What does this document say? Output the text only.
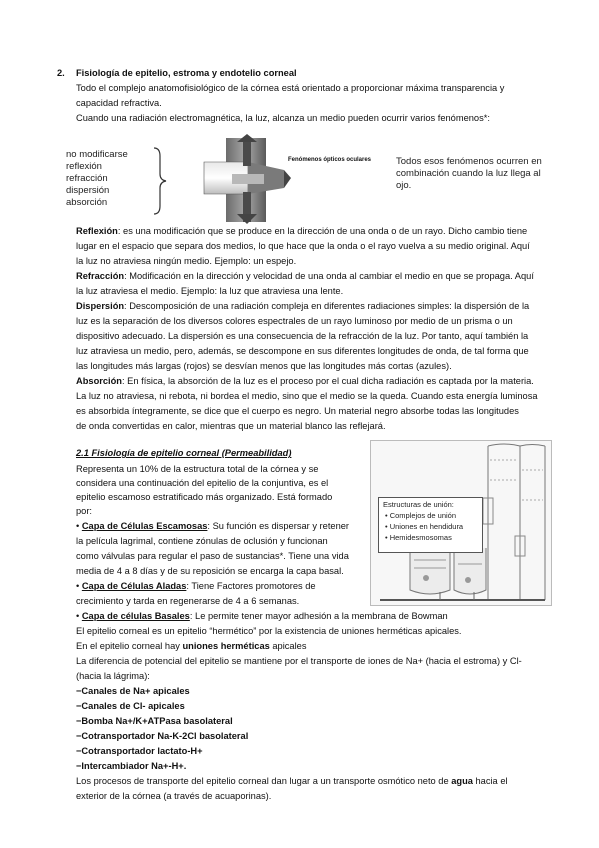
2. Fisiología de epitelio, estroma y endotelio corneal
Todo el complejo anatomofisiológico de la córnea está orientado a proporcionar máxima transparencia y
capacidad refractiva.
Cuando una radiación electromagnética, la luz, alcanza un medio pueden ocurrir varios fenómenos*:
no modificarse
reflexión
refracción
dispersión
absorción
Fenómenos ópticos oculares	Todos esos fenómenos ocurren en
combinación cuando la luz llega al
ojo.
Reflexión: es una modificación que se produce en la dirección de una onda o de un rayo. Dicho cambio tiene
lugar en el espacio que separa dos medios, lo que hace que la onda o el rayo vuelva a su medio original. Aquí
la luz no atraviesa ningún medio. Ejemplo: un espejo.
Refracción: Modificación en la dirección y velocidad de una onda al cambiar el medio en que se propaga. Aquí
la luz atraviesa el medio. Ejemplo: la luz que atraviesa una lente.
Dispersión: Descomposición de una radiación compleja en diferentes radiaciones simples: la dispersión de la
luz es la separación de los diversos colores espectrales de un rayo luminoso por medio de un prisma o un
dispositivo adecuado. La dispersión es una consecuencia de la refracción de la luz. Por tanto, aquí también la
luz atraviesa un medio, pero, además, se descompone en sus diferentes longitudes de onda, de tal forma que
las longitudes más largas (rojos) se desvían menos que las longitudes más cortas (azules).
Absorción: En física, la absorción de la luz es el proceso por el cual dicha radiación es captada por la materia.
La luz no atraviesa, ni rebota, ni bordea el medio, sino que el medio se la queda. Cuando esta energía luminosa
es absorbida íntegramente, se dice que el cuerpo es negro. Un material negro absorbe todas las longitudes
de onda convertidas en calor, mientras que un material blanco las reflejará.
2.1 Fisiología de epitelio corneal (Permeabilidad)
Representa un 10% de la estructura total de la córnea y se
considera una continuación del epitelio de la conjuntiva, es el
epitelio escamoso estratificado más organizado. Está formado
por:
• Capa de Células Escamosas: Su función es dispersar y retener
la película lagrimal, contiene zónulas de oclusión y funcionan
como válvulas para regular el paso de sustancias*. Tiene una vida
media de 4 a 8 días y de su reposición se encarga la capa basal.
• Capa de Células Aladas: Tiene Factores promotores de
crecimiento y tarda en regenerarse de 4 a 6 semanas.
• Capa de células Basales: Le permite tener mayor adhesión a la membrana de Bowman
El epitelio corneal es un epitelio “hermético” por la existencia de uniones herméticas apicales.
En el epitelio corneal hay uniones herméticas apicales
La diferencia de potencial del epitelio se mantiene por el transporte de iones de Na+ (hacia el estroma) y Cl-
(hacia la lágrima):
−Canales de Na+ apicales
−Canales de Cl- apicales
−Bomba Na+/K+ATPasa basolateral
−Cotransportador Na-K-2Cl basolateral
−Cotransportador lactato-H+
−Intercambiador Na+-H+.
Los procesos de transporte del epitelio corneal dan lugar a un transporte osmótico neto de agua hacia el
exterior de la córnea (a través de acuaporinas).
Estructuras de unión:
• Complejos de unión
• Uniones en hendidura
• Hemidesmosomas
